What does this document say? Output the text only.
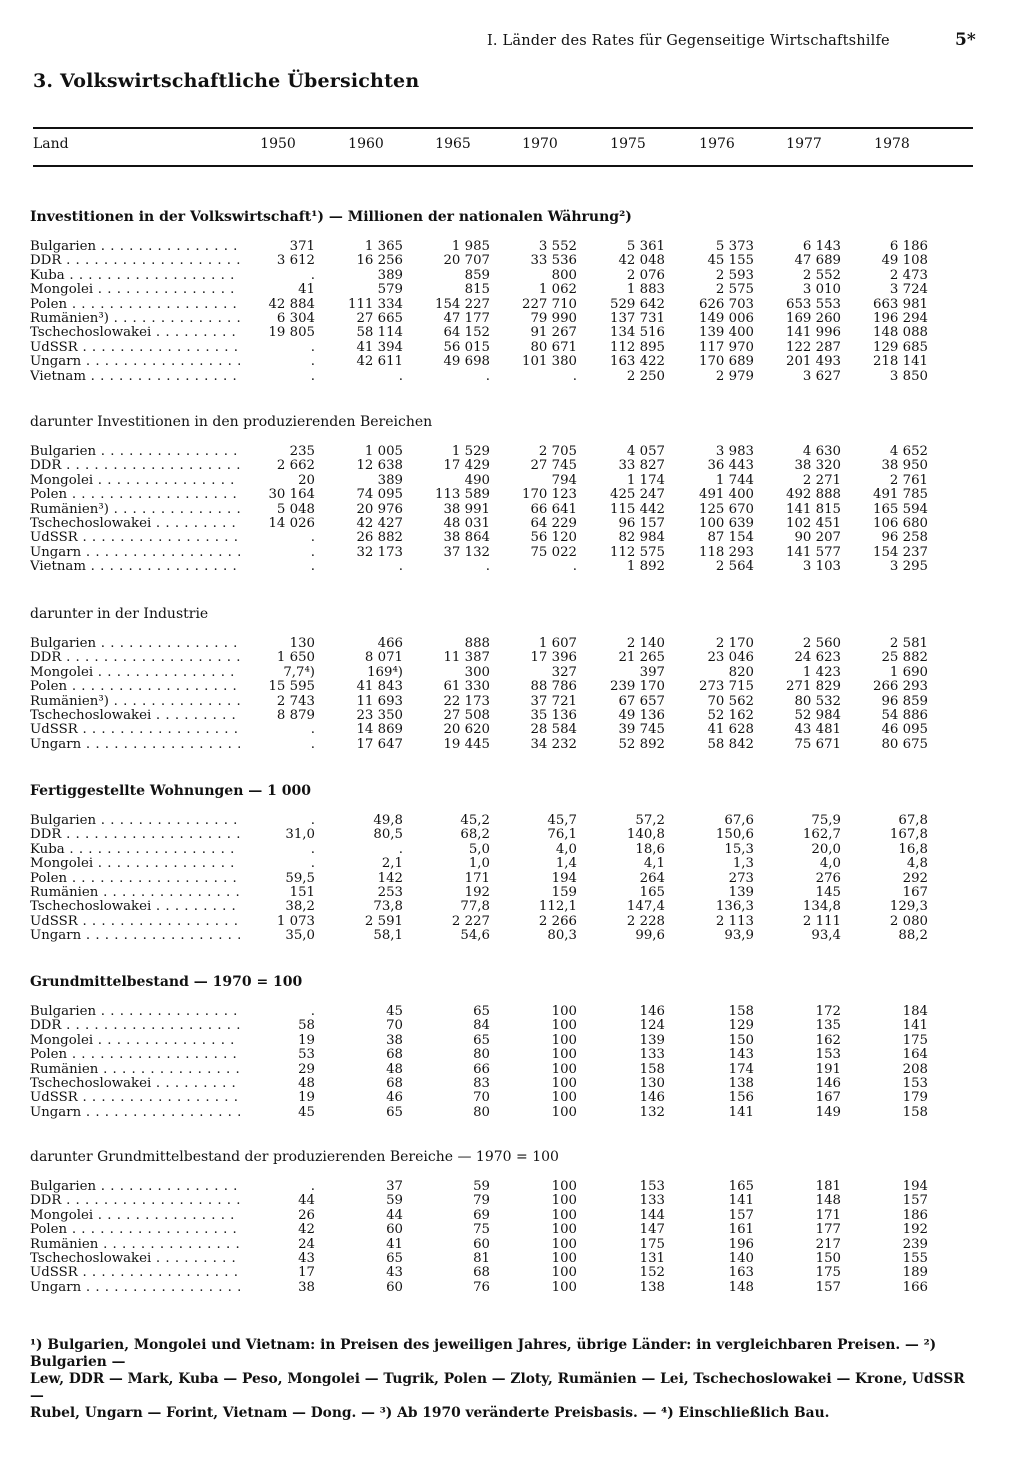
I. Länder des Rates für Gegenseitige Wirtschaftshilfe	5*
3. Volkswirtschaftliche Übersichten
Land	1950	1960	1965	1970	1975	1976	1977	1978
Investitionen in der Volkswirtschaft¹) — Millionen der nationalen Währung²)
Bulgarien . . .	371	1 365	1 985	3 552	5 361	5 373	6 143	6 186
DDR . . .	3 612	16 256	20 707	33 536	42 048	45 155	47 689	49 108
Kuba . . .	.	389	859	800	2 076	2 593	2 552	2 473
Mongolei . . .	41	579	815	1 062	1 883	2 575	3 010	3 724
Polen . . .	42 884	111 334	154 227	227 710	529 642	626 703	653 553	663 981
Rumänien³) . . .	6 304	27 665	47 177	79 990	137 731	149 006	169 260	196 294
Tschechoslowakei . . .	19 805	58 114	64 152	91 267	134 516	139 400	141 996	148 088
UdSSR . . .	.	41 394	56 015	80 671	112 895	117 970	122 287	129 685
Ungarn . . .	.	42 611	49 698	101 380	163 422	170 689	201 493	218 141
Vietnam . . .	.	.	.	.	2 250	2 979	3 627	3 850
darunter Investitionen in den produzierenden Bereichen
Bulgarien . . .	235	1 005	1 529	2 705	4 057	3 983	4 630	4 652
DDR . . .	2 662	12 638	17 429	27 745	33 827	36 443	38 320	38 950
Mongolei . . .	20	389	490	794	1 174	1 744	2 271	2 761
Polen . . .	30 164	74 095	113 589	170 123	425 247	491 400	492 888	491 785
Rumänien³) . . .	5 048	20 976	38 991	66 641	115 442	125 670	141 815	165 594
Tschechoslowakei . . .	14 026	42 427	48 031	64 229	96 157	100 639	102 451	106 680
UdSSR . . .	.	26 882	38 864	56 120	82 984	87 154	90 207	96 258
Ungarn . . .	.	32 173	37 132	75 022	112 575	118 293	141 577	154 237
Vietnam . . .	.	.	.	.	1 892	2 564	3 103	3 295
darunter in der Industrie
Bulgarien . . .	130	466	888	1 607	2 140	2 170	2 560	2 581
DDR . . .	1 650	8 071	11 387	17 396	21 265	23 046	24 623	25 882
Mongolei . . .	7,7⁴)	169⁴)	300	327	397	820	1 423	1 690
Polen . . .	15 595	41 843	61 330	88 786	239 170	273 715	271 829	266 293
Rumänien³) . . .	2 743	11 693	22 173	37 721	67 657	70 562	80 532	96 859
Tschechoslowakei . . .	8 879	23 350	27 508	35 136	49 136	52 162	52 984	54 886
UdSSR . . .	.	14 869	20 620	28 584	39 745	41 628	43 481	46 095
Ungarn . . .	.	17 647	19 445	34 232	52 892	58 842	75 671	80 675
Fertiggestellte Wohnungen — 1 000
Bulgarien . . .	.	49,8	45,2	45,7	57,2	67,6	75,9	67,8
DDR . . .	31,0	80,5	68,2	76,1	140,8	150,6	162,7	167,8
Kuba . . .	.	.	5,0	4,0	18,6	15,3	20,0	16,8
Mongolei . . .	.	2,1	1,0	1,4	4,1	1,3	4,0	4,8
Polen . . .	59,5	142	171	194	264	273	276	292
Rumänien . . .	151	253	192	159	165	139	145	167
Tschechoslowakei . . .	38,2	73,8	77,8	112,1	147,4	136,3	134,8	129,3
UdSSR . . .	1 073	2 591	2 227	2 266	2 228	2 113	2 111	2 080
Ungarn . . .	35,0	58,1	54,6	80,3	99,6	93,9	93,4	88,2
Grundmittelbestand — 1970 = 100
Bulgarien . . .	.	45	65	100	146	158	172	184
DDR . . .	58	70	84	100	124	129	135	141
Mongolei . . .	19	38	65	100	139	150	162	175
Polen . . .	53	68	80	100	133	143	153	164
Rumänien . . .	29	48	66	100	158	174	191	208
Tschechoslowakei . . .	48	68	83	100	130	138	146	153
UdSSR . . .	19	46	70	100	146	156	167	179
Ungarn . . .	45	65	80	100	132	141	149	158
darunter Grundmittelbestand der produzierenden Bereiche — 1970 = 100
Bulgarien . . .	.	37	59	100	153	165	181	194
DDR . . .	44	59	79	100	133	141	148	157
Mongolei . . .	26	44	69	100	144	157	171	186
Polen . . .	42	60	75	100	147	161	177	192
Rumänien . . .	24	41	60	100	175	196	217	239
Tschechoslowakei . . .	43	65	81	100	131	140	150	155
UdSSR . . .	17	43	68	100	152	163	175	189
Ungarn . . .	38	60	76	100	138	148	157	166

¹) Bulgarien, Mongolei und Vietnam: in Preisen des jeweiligen Jahres, übrige Länder: in vergleichbaren Preisen. — ²) Bulgarien —

Lew, DDR — Mark, Kuba — Peso, Mongolei — Tugrik, Polen — Zloty, Rumänien — Lei, Tschechoslowakei — Krone, UdSSR —

Rubel, Ungarn — Forint, Vietnam — Dong. — ³) Ab 1970 veränderte Preisbasis. — ⁴) Einschließlich Bau.
